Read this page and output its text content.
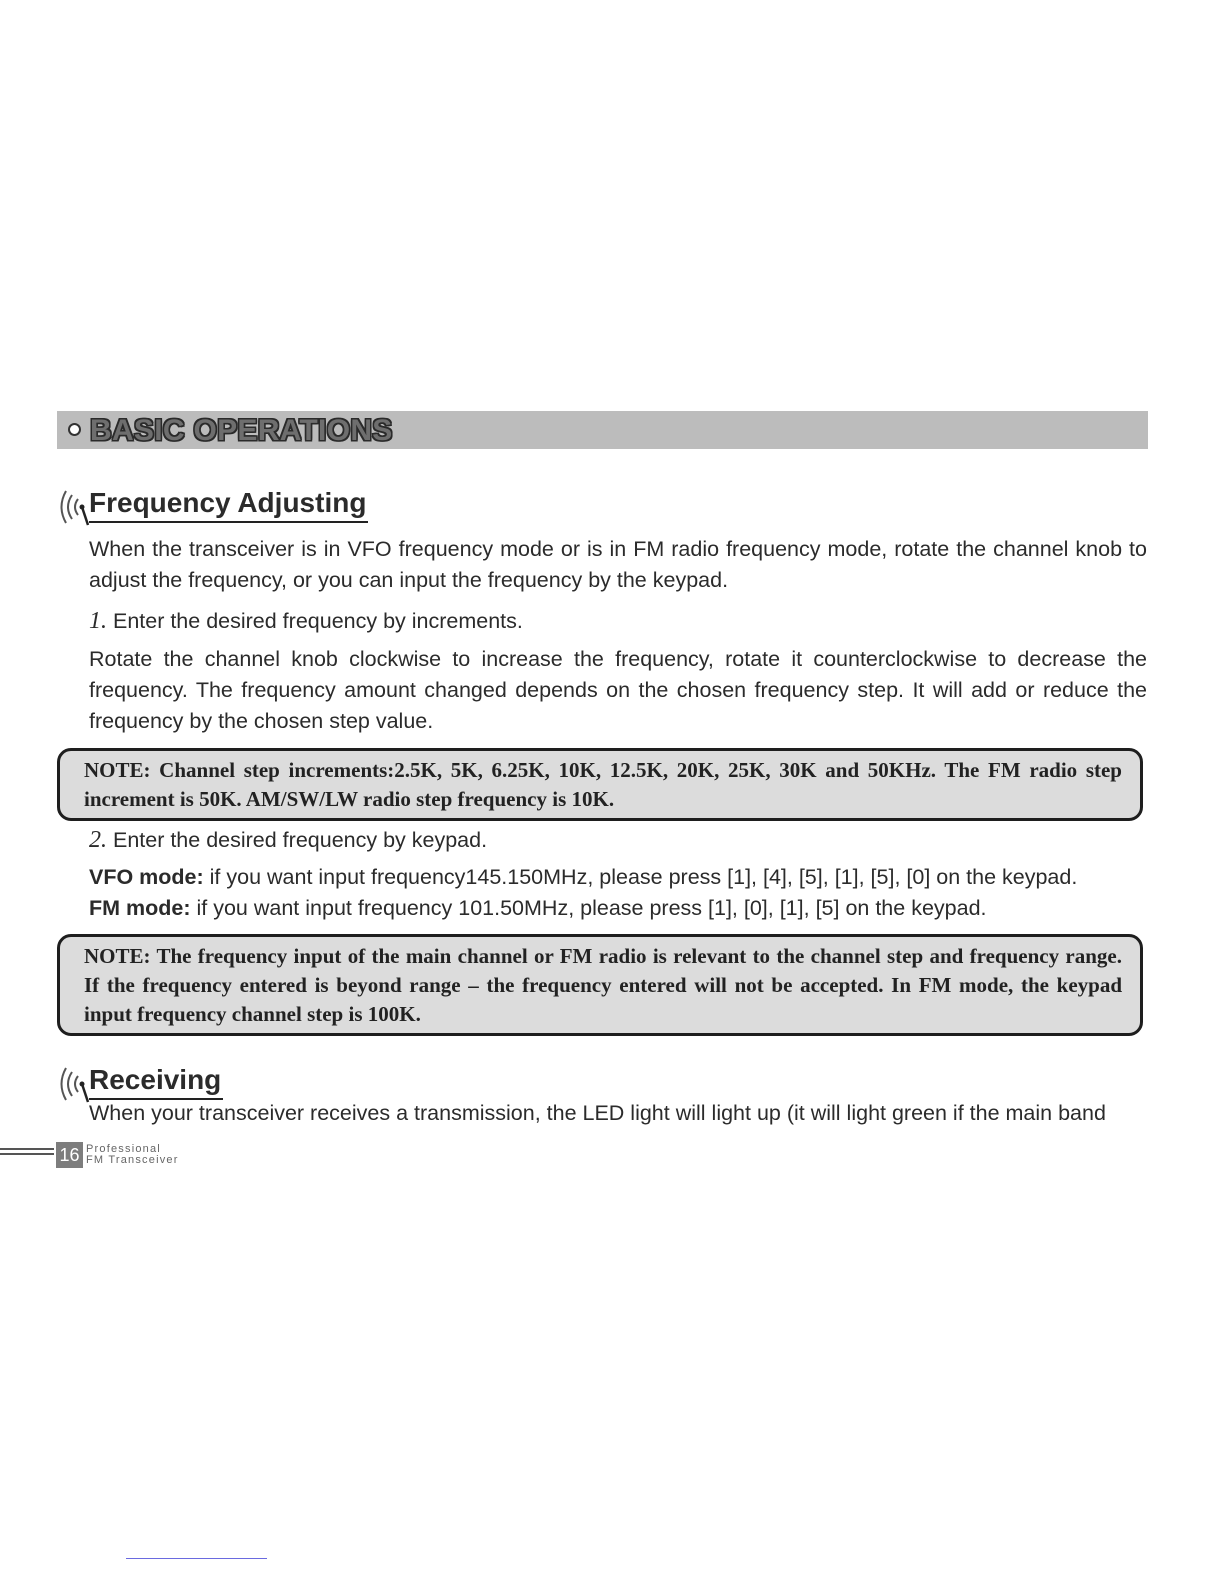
BASIC OPERATIONS
Frequency Adjusting
When the transceiver is in VFO frequency mode or is in FM radio frequency mode, rotate the channel knob to adjust the frequency, or you can input the frequency by the keypad.
1. Enter the desired frequency by increments.
Rotate the channel knob clockwise to increase the frequency, rotate it counterclockwise to decrease the frequency. The frequency amount changed depends on the chosen frequency step. It will add or reduce the frequency by the chosen step value.
NOTE: Channel step increments:2.5K, 5K, 6.25K, 10K, 12.5K, 20K, 25K, 30K and 50KHz. The FM radio step increment is 50K. AM/SW/LW radio step frequency is 10K.
2. Enter the desired frequency by keypad.
VFO mode: if you want input frequency145.150MHz, please press [1], [4], [5], [1], [5], [0] on the keypad.
FM mode: if you want input frequency 101.50MHz, please press [1], [0], [1], [5] on the keypad.
NOTE: The frequency input of the main channel or FM radio is relevant to the channel step and frequency range. If the frequency entered is beyond range – the frequency entered will not be accepted. In FM mode, the keypad input frequency channel step is 100K.
Receiving
When your transceiver receives a transmission, the LED light will light up (it will light green if the main band
16 Professional
FM Transceiver
